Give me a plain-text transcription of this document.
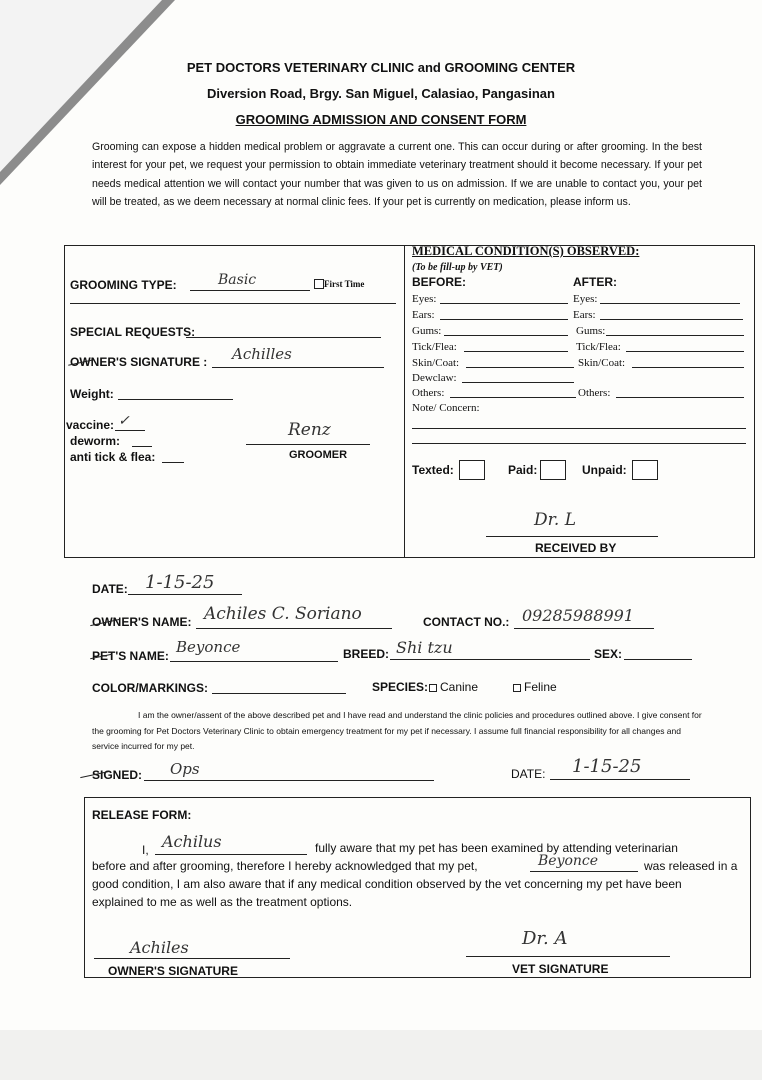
PET DOCTORS VETERINARY CLINIC and GROOMING CENTER
Diversion Road, Brgy. San Miguel, Calasiao, Pangasinan
GROOMING ADMISSION AND CONSENT FORM
Grooming can expose a hidden medical problem or aggravate a current one. This can occur during or after grooming. In the best interest for your pet, we request your permission to obtain immediate veterinary treatment should it become necessary. If your pet needs medical attention we will contact your number that was given to us on admission. If we are unable to contact you, your pet will be treated, as we deem necessary at normal clinic fees. If your pet is currently on medication, please inform us.
GROOMING TYPE:	Basic	First Time
SPECIAL REQUESTS:
OWNER'S SIGNATURE : Achilles
Weight:
vaccine: ✓
deworm:
anti tick & flea:
Renz
GROOMER
MEDICAL CONDITION(S) OBSERVED:
(To be fill-up by VET)
BEFORE:	AFTER:
Eyes:	Eyes:
Ears:	Ears:
Gums:	Gums:
Tick/Flea:	Tick/Flea:
Skin/Coat:	Skin/Coat:
Dewclaw:
Others:	Others:
Note/ Concern:
Texted:	Paid:	Unpaid:
Dr. L
RECEIVED BY
DATE: 1-15-25
OWNER'S NAME: Achiles C. Soriano	CONTACT NO.: 09285988991
PET'S NAME: Beyonce	BREED: Shi tzu	SEX:
COLOR/MARKINGS:	SPECIES: Canine	Feline
I am the owner/assent of the above described pet and I have read and understand the clinic policies and procedures outlined above. I give consent for the grooming for Pet Doctors Veterinary Clinic to obtain emergency treatment for my pet if necessary. I assume full financial responsibility for all changes and service incurred for my pet.
SIGNED: Ops	DATE: 1-15-25
RELEASE FORM:
I, Achilus	fully aware that my pet has been examined by attending veterinarian
before and after grooming, therefore I hereby acknowledged that my pet,	Beyonce	was released in a
good condition, I am also aware that if any medical condition observed by the vet concerning my pet have been
explained to me as well as the treatment options.
Achiles
OWNER'S SIGNATURE
Dr. A
VET SIGNATURE
